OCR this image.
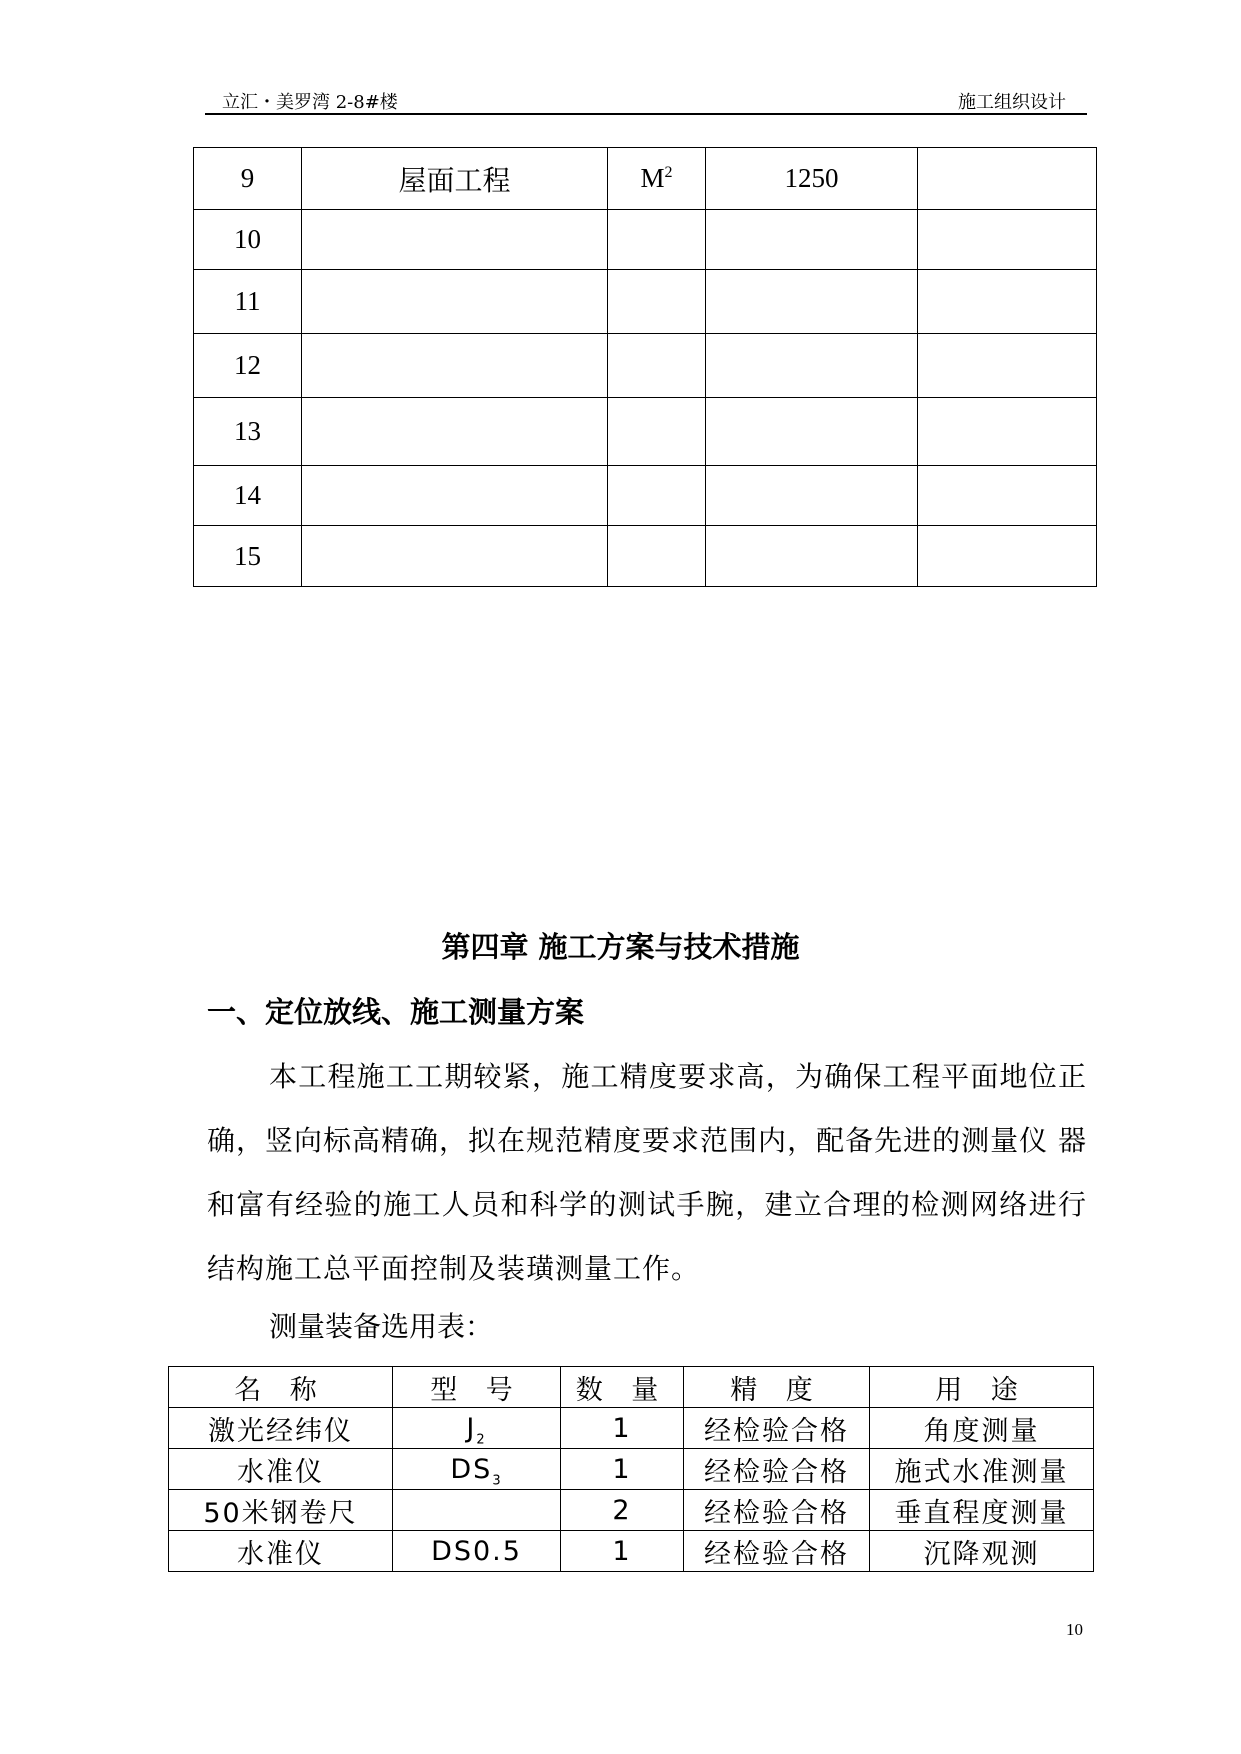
立汇・美罗湾 2-8#楼	施工组织设计
9	屋面工程	$M^2$	1250	
10				
11				
12				
13				
14				
15				
第四章 施工方案与技术措施
一、定位放线、施工测量方案
本工程施工工期较紧，施工精度要求高，为确保工程平面地位正确，竖向标高精确，拟在规范精度要求范围内，配备先进的测量仪 器和富有经验的施工人员和科学的测试手腕，建立合理的检测网络进行结构施工总平面控制及装璜测量工作。
测量装备选用表：
名 称	型 号	数 量	精 度	用 途
激光经纬仪	$J_2$	1	经检验合格	角度测量
水准仪	$DS_3$	1	经检验合格	施式水准测量
50米钢卷尺		2	经检验合格	垂直程度测量
水准仪	DS0.5	1	经检验合格	沉降观测
10
